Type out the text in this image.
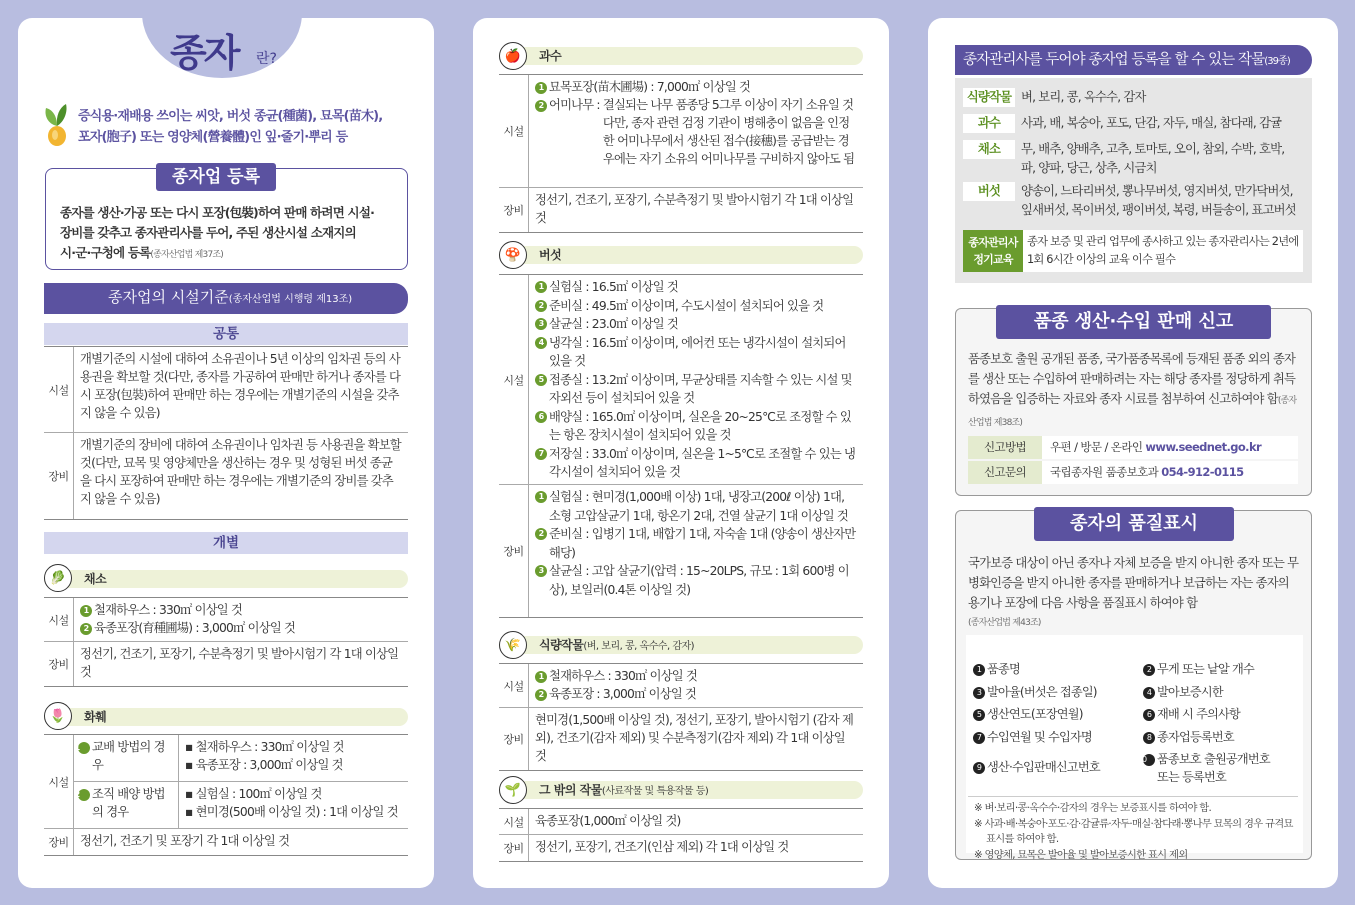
종자 란?
증식용·재배용 쓰이는 씨앗, 버섯 종균(種菌), 묘목(苗木),
포자(胞子) 또는 영양체(營養體)인 잎·줄기·뿌리 등
종자업 등록
종자를 생산·가공 또는 다시 포장(包裝)하여 판매 하려면 시설·
장비를 갖추고 종자관리사를 두어, 주된 생산시설 소재지의
시·군·구청에 등록(종자산업법 제37조)
종자업의 시설기준(종자산업법 시행령 제13조)
공통
시설
개별기준의 시설에 대하여 소유권이나 5년 이상의 임차권 등의 사용권을 확보할 것(다만, 종자를 가공하여 판매만 하거나 종자를 다시 포장(包裝)하여 판매만 하는 경우에는 개별기준의 시설을 갖추지 않을 수 있음)
장비
개별기준의 장비에 대하여 소유권이나 임차권 등 사용권을 확보할 것(다만, 묘목 및 영양체만을 생산하는 경우 및 성형된 버섯 종균을 다시 포장하여 판매만 하는 경우에는 개별기준의 장비를 갖추지 않을 수 있음)
개별
채소
🥬
시설
1 철재하우스 : 330㎡ 이상일 것
2 육종포장(育種圃場) : 3,000㎡ 이상일 것
장비
정선기, 건조기, 포장기, 수분측정기 및 발아시험기 각 1대 이상일 것
화훼
🌷
시설
1 교배 방법의 경우
▪ 철재하우스 : 330㎡ 이상일 것
▪ 육종포장 : 3,000㎡ 이상일 것
2 조직 배양 방법의 경우
▪ 실험실 : 100㎡ 이상일 것
▪ 현미경(500배 이상일 것) : 1대 이상일 것
장비 정선기, 건조기 및 포장기 각 1대 이상일 것
과수
🍎
시설
1 묘목포장(苗木圃場) : 7,000㎡ 이상일 것
2 어미나무 : 결실되는 나무 품종당 5그루 이상이 자기 소유일 것 다만, 종자 관련 검정 기관이 병해충이 없음을 인정한 어미나무에서 생산된 접수(接穗)를 공급받는 경우에는 자기 소유의 어미나무를 구비하지 않아도 됨
장비
정선기, 건조기, 포장기, 수분측정기 및 발아시험기 각 1대 이상일 것
버섯
🍄
시설
1 실험실 : 16.5㎡ 이상일 것
2 준비실 : 49.5㎡ 이상이며, 수도시설이 설치되어 있을 것
3 살균실 : 23.0㎡ 이상일 것
4 냉각실 : 16.5㎡ 이상이며, 에어컨 또는 냉각시설이 설치되어 있을 것
5 접종실 : 13.2㎡ 이상이며, 무균상태를 지속할 수 있는 시설 및 자외선 등이 설치되어 있을 것
6 배양실 : 165.0㎡ 이상이며, 실온을 20~25℃로 조정할 수 있는 항온 장치시설이 설치되어 있을 것
7 저장실 : 33.0㎡ 이상이며, 실온을 1~5℃로 조절할 수 있는 냉각시설이 설치되어 있을 것
장비
1 실험실 : 현미경(1,000배 이상) 1대, 냉장고(200ℓ 이상) 1대, 소형 고압살균기 1대, 항온기 2대, 건열 살균기 1대 이상일 것
2 준비실 : 입병기 1대, 배합기 1대, 자숙솥 1대 (양송이 생산자만 해당)
3 살균실 : 고압 살균기(압력 : 15~20LPS, 규모 : 1회 600병 이상), 보일러(0.4톤 이상일 것)
식량작물(벼, 보리, 콩, 옥수수, 감자)
🌾
시설
1 철재하우스 : 330㎡ 이상일 것
2 육종포장 : 3,000㎡ 이상일 것
장비
현미경(1,500배 이상일 것), 정선기, 포장기, 발아시험기 (감자 제외), 건조기(감자 제외) 및 수분측정기(감자 제외) 각 1대 이상일 것
그 밖의 작물(사료작물 및 특용작물 등)
🌱
시설 육종포장(1,000㎡ 이상일 것)
장비 정선기, 포장기, 건조기(인삼 제외) 각 1대 이상일 것
종자관리사를 두어야 종자업 등록을 할 수 있는 작물(39종)
식량작물 벼, 보리, 콩, 옥수수, 감자
과수	사과, 배, 복숭아, 포도, 단감, 자두, 매실, 참다래, 감귤
채소	무, 배추, 양배추, 고추, 토마토, 오이, 참외, 수박, 호박, 파, 양파, 당근, 상추, 시금치
버섯	양송이, 느타리버섯, 뽕나무버섯, 영지버섯, 만가닥버섯, 잎새버섯, 목이버섯, 팽이버섯, 복령, 버들송이, 표고버섯
종자관리사 정기교육
종자 보증 및 관리 업무에 종사하고 있는 종자관리사는 2년에 1회 6시간 이상의 교육 이수 필수
품종 생산·수입 판매 신고
품종보호 출원 공개된 품종, 국가품종목록에 등재된 품종 외의 종자를 생산 또는 수입하여 판매하려는 자는 해당 종자를 정당하게 취득하였음을 입증하는 자료와 종자 시료를 첨부하여 신고하여야 함(종자산업법 제38조)
신고방법	우편 / 방문 / 온라인 www.seednet.go.kr
신고문의	국립종자원 품종보호과 054-912-0115
종자의 품질표시
국가보증 대상이 아닌 종자나 자체 보증을 받지 아니한 종자 또는 무병화인증을 받지 아니한 종자를 판매하거나 보급하는 자는 종자의 용기나 포장에 다음 사항을 품질표시 하여야 함
(종자산업법 제43조)
1 품종명	2 무게 또는 낱알 개수
3 발아율(버섯은 접종일)	4 발아보증시한
5 생산연도(포장연월)	6 재배 시 주의사항
7 수입연월 및 수입자명	8 종자업등록번호
9 생산·수입판매신고번호
10 품종보호 출원공개번호 또는 등록번호
※ 벼·보리·콩·옥수수·감자의 경우는 보증표시를 하여야 함.
※ 사과·배·복숭아·포도·감·감귤류·자두·매실·참다래·뽕나무 묘목의 경우 규격묘 표시를 하여야 함.
※ 영양체, 묘목은 발아율 및 발아보증시한 표시 제외
